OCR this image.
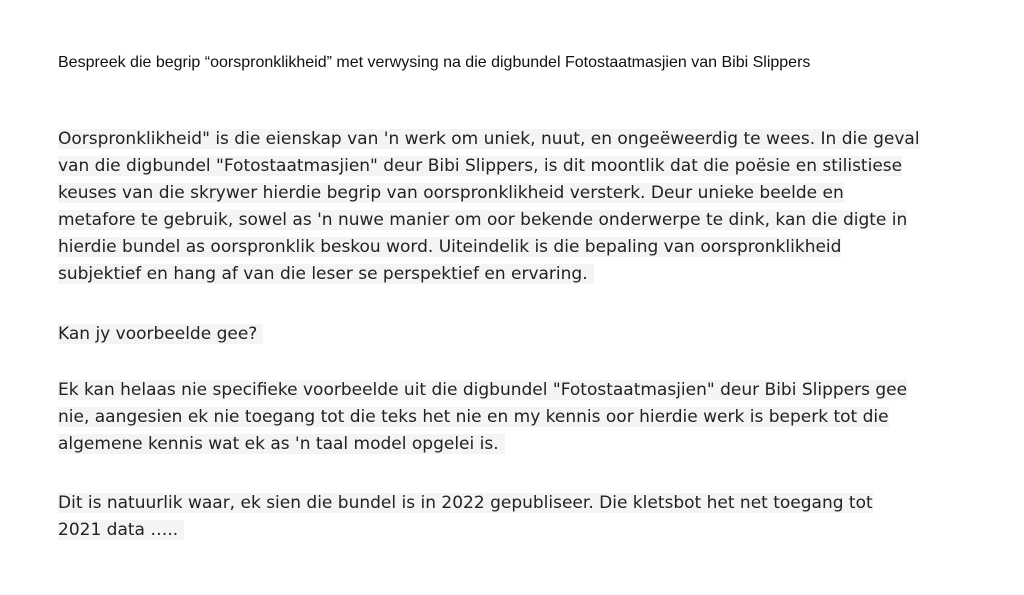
Bespreek die begrip “oorspronklikheid” met verwysing na die digbundel Fotostaatmasjien van Bibi Slippers

Oorspronklikheid" is die eienskap van 'n werk om uniek, nuut, en ongeëweerdig te wees. In die geval van die digbundel "Fotostaatmasjien" deur Bibi Slippers, is dit moontlik dat die poësie en stilistiese keuses van die skrywer hierdie begrip van oorspronklikheid versterk. Deur unieke beelde en metafore te gebruik, sowel as 'n nuwe manier om oor bekende onderwerpe te dink, kan die digte in hierdie bundel as oorspronklik beskou word. Uiteindelik is die bepaling van oorspronklikheid subjektief en hang af van die leser se perspektief en ervaring.

Kan jy voorbeelde gee?

Ek kan helaas nie specifieke voorbeelde uit die digbundel "Fotostaatmasjien" deur Bibi Slippers gee nie, aangesien ek nie toegang tot die teks het nie en my kennis oor hierdie werk is beperk tot die algemene kennis wat ek as 'n taal model opgelei is.

Dit is natuurlik waar, ek sien die bundel is in 2022 gepubliseer. Die kletsbot het net toegang tot 2021 data …..
